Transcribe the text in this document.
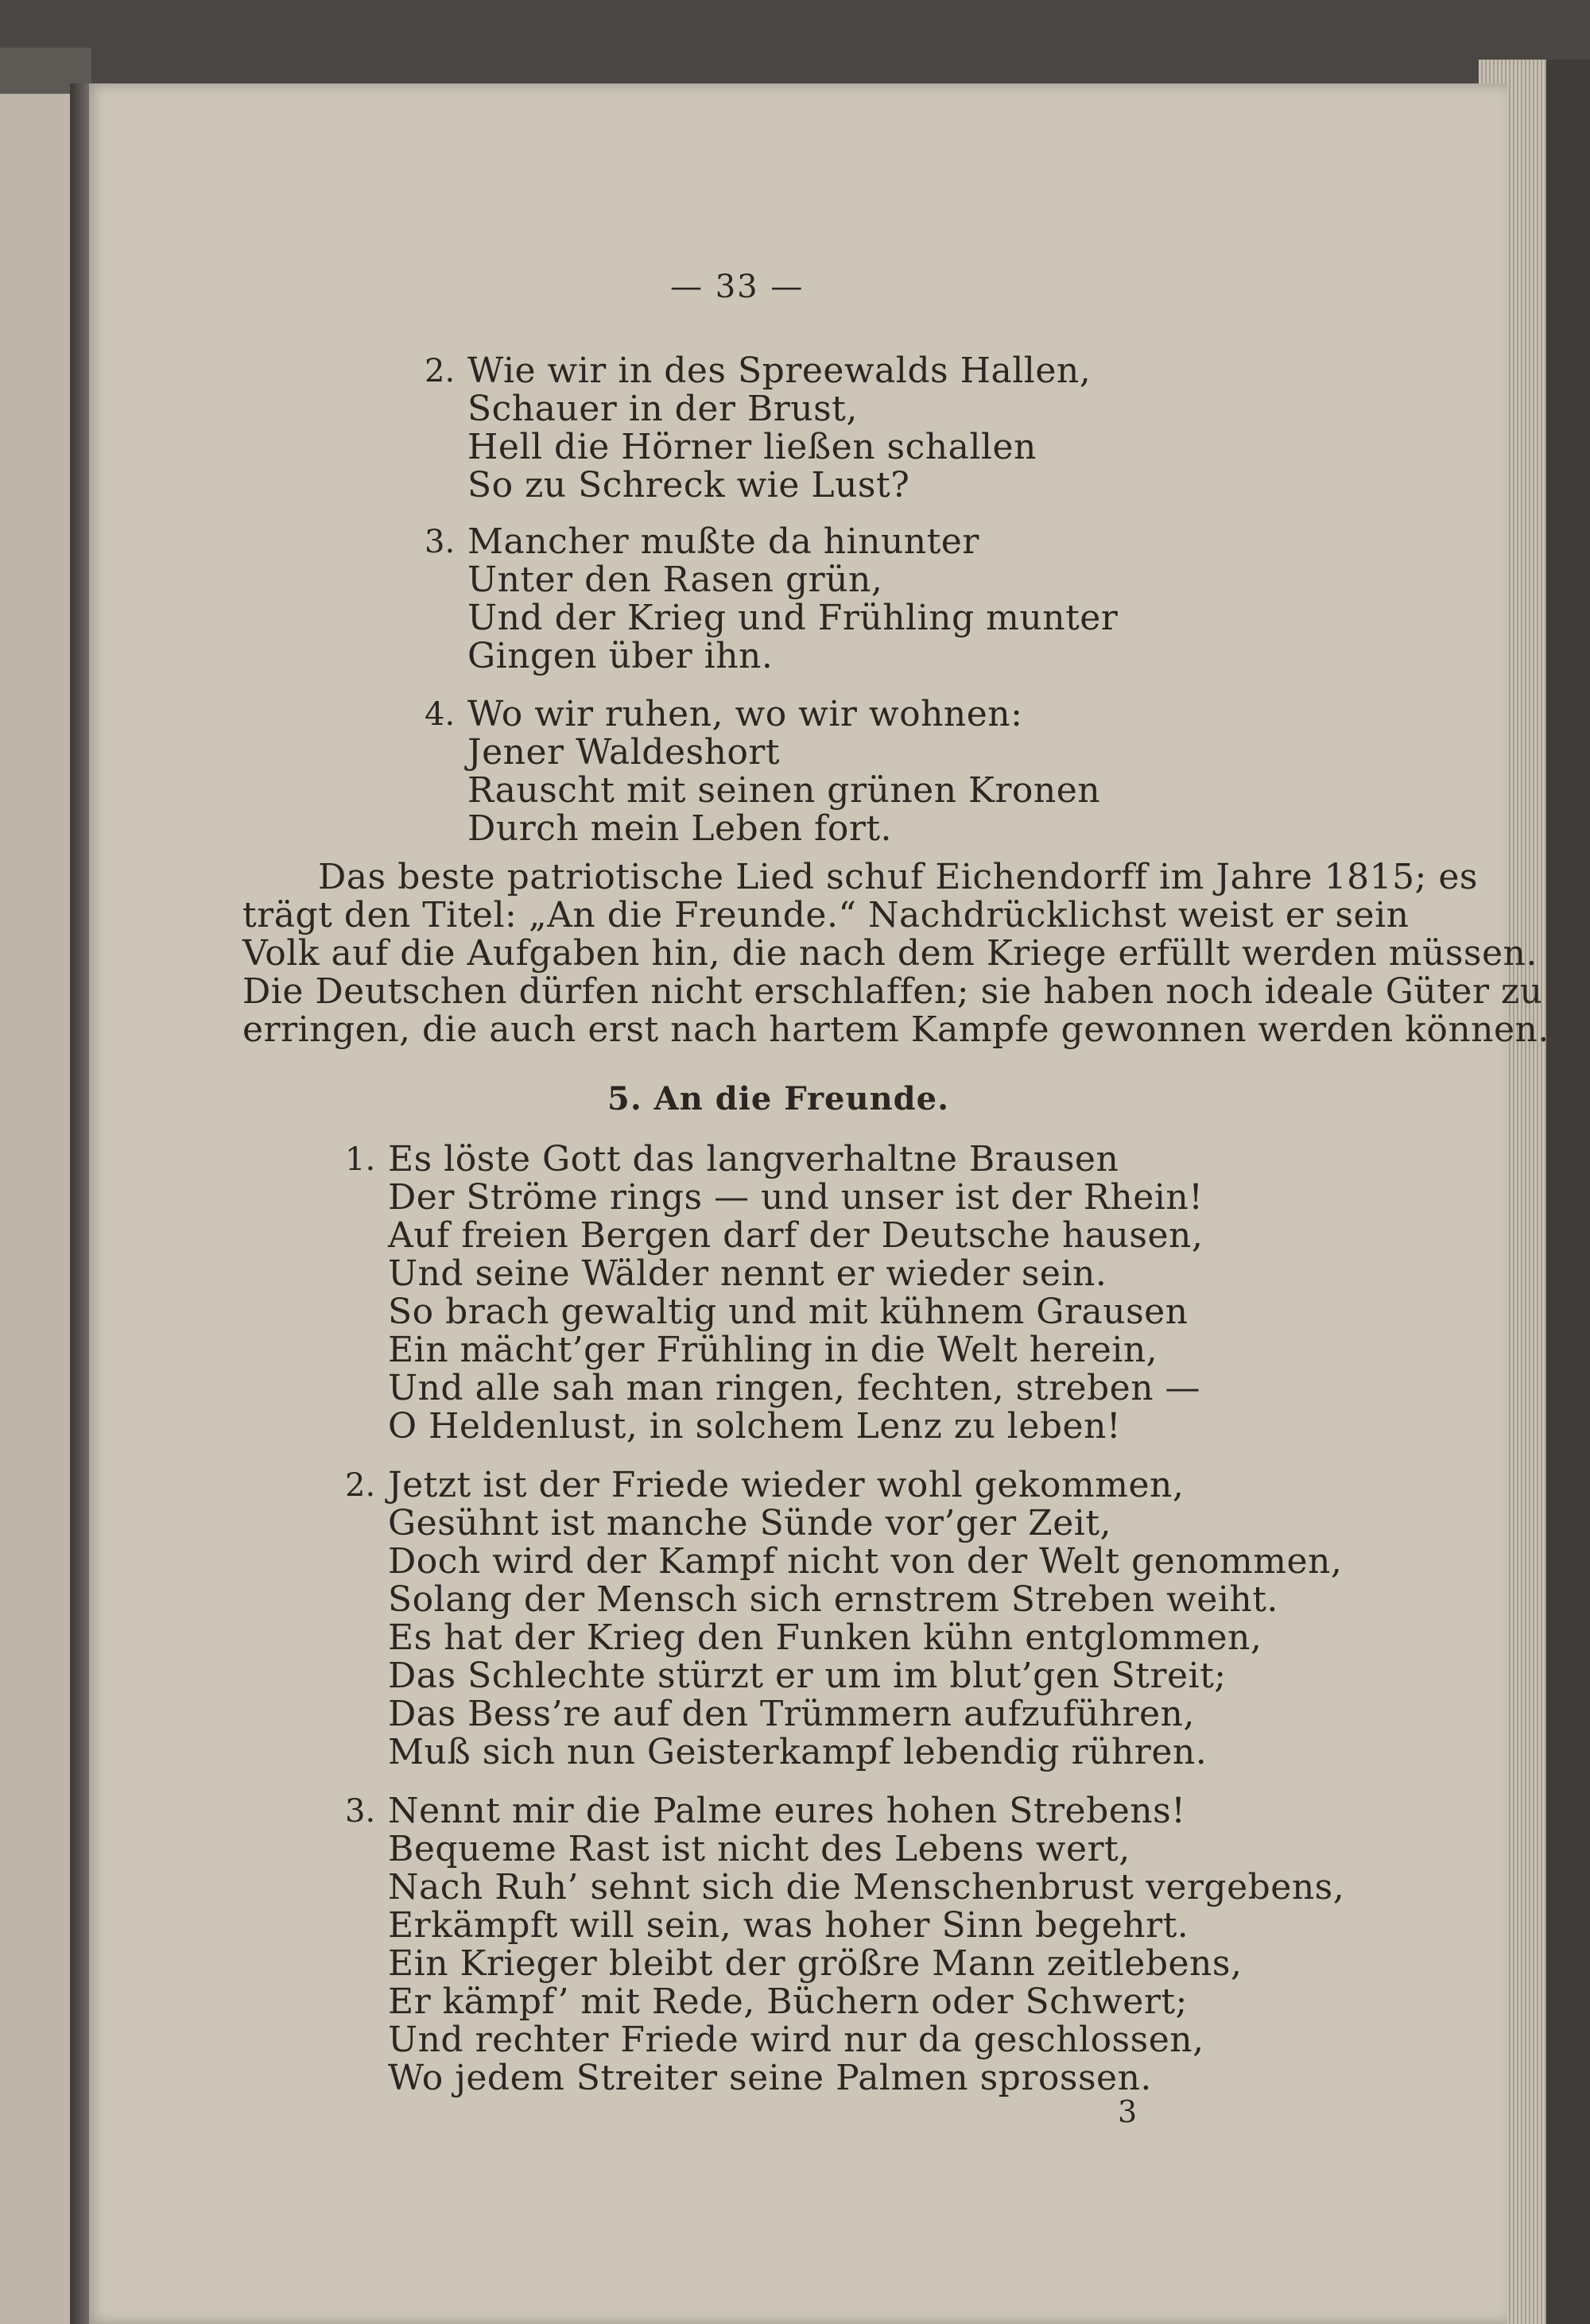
— 33 —
2. Wie wir in des Spreewalds Hallen,
Schauer in der Brust,
Hell die Hörner ließen schallen
So zu Schreck wie Lust?
3. Mancher mußte da hinunter
Unter den Rasen grün,
Und der Krieg und Frühling munter
Gingen über ihn.
4. Wo wir ruhen, wo wir wohnen:
Jener Waldeshort
Rauscht mit seinen grünen Kronen
Durch mein Leben fort.
Das beste patriotische Lied schuf Eichendorff im Jahre 1815; es
trägt den Titel: „An die Freunde.“ Nachdrücklichst weist er sein
Volk auf die Aufgaben hin, die nach dem Kriege erfüllt werden müssen.
Die Deutschen dürfen nicht erschlaffen; sie haben noch ideale Güter zu
erringen, die auch erst nach hartem Kampfe gewonnen werden können.
5. An die Freunde.
1. Es löste Gott das langverhaltne Brausen
Der Ströme rings — und unser ist der Rhein!
Auf freien Bergen darf der Deutsche hausen,
Und seine Wälder nennt er wieder sein.
So brach gewaltig und mit kühnem Grausen
Ein mächt’ger Frühling in die Welt herein,
Und alle sah man ringen, fechten, streben —
O Heldenlust, in solchem Lenz zu leben!
2. Jetzt ist der Friede wieder wohl gekommen,
Gesühnt ist manche Sünde vor’ger Zeit,
Doch wird der Kampf nicht von der Welt genommen,
Solang der Mensch sich ernstrem Streben weiht.
Es hat der Krieg den Funken kühn entglommen,
Das Schlechte stürzt er um im blut’gen Streit;
Das Bess’re auf den Trümmern aufzuführen,
Muß sich nun Geisterkampf lebendig rühren.
3. Nennt mir die Palme eures hohen Strebens!
Bequeme Rast ist nicht des Lebens wert,
Nach Ruh’ sehnt sich die Menschenbrust vergebens,
Erkämpft will sein, was hoher Sinn begehrt.
Ein Krieger bleibt der größre Mann zeitlebens,
Er kämpf’ mit Rede, Büchern oder Schwert;
Und rechter Friede wird nur da geschlossen,
Wo jedem Streiter seine Palmen sprossen.
3
